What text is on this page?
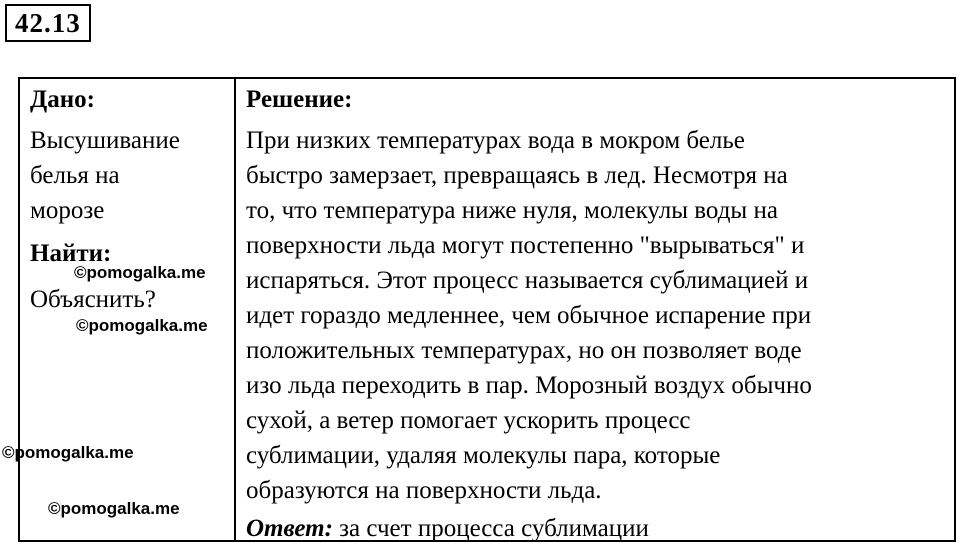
42.13
Дано:
Высушивание
белья на
морозе
Найти:
Объяснить?
Решение:
При низких температурах вода в мокром белье
быстро замерзает, превращаясь в лед. Несмотря на
то, что температура ниже нуля, молекулы воды на
поверхности льда могут постепенно "вырываться" и
испаряться. Этот процесс называется сублимацией и
идет гораздо медленнее, чем обычное испарение при
положительных температурах, но он позволяет воде
изо льда переходить в пар. Морозный воздух обычно
сухой, а ветер помогает ускорить процесс
сублимации, удаляя молекулы пара, которые
образуются на поверхности льда.
Ответ: за счет процесса сублимации
©pomogalka.me
©pomogalka.me
©pomogalka.me
©pomogalka.me
